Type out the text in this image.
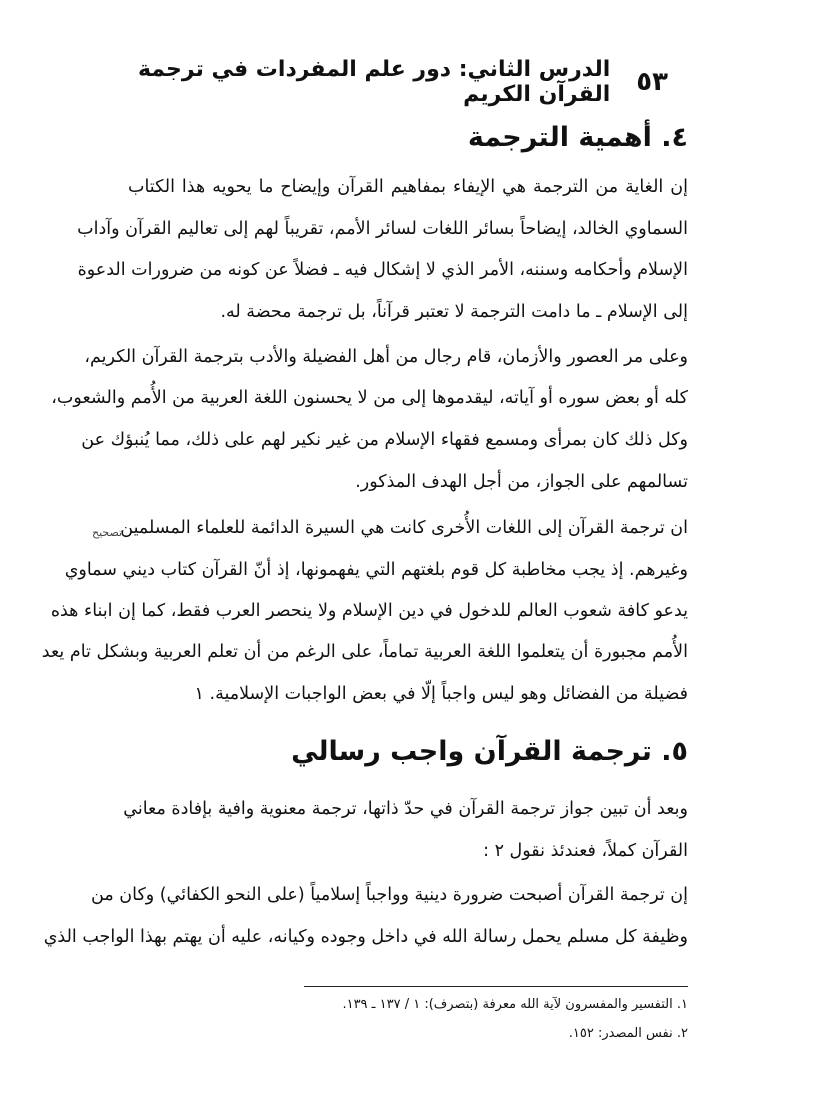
٥٣
الدرس الثاني: دور علم المفردات في ترجمة القرآن الكريم
٤. أهمية الترجمة
إن الغاية من الترجمة هي الإيفاء بمفاهيم القرآن وإيضاح ما يحويه هذا الكتاب
السماوي الخالد، إيضاحاً بسائر اللغات لسائر الأمم، تقريباً لهم إلى تعاليم القرآن وآداب
الإسلام وأحكامه وسننه، الأمر الذي لا إشكال فيه ـ فضلاً عن كونه من ضرورات الدعوة
إلى الإسلام ـ ما دامت الترجمة لا تعتبر قرآناً، بل ترجمة محضة له.
وعلى مر العصور والأزمان، قام رجال من أهل الفضيلة والأدب بترجمة القرآن الكريم،
كله أو بعض سوره أو آياته، ليقدموها إلى من لا يحسنون اللغة العربية من الأُمم والشعوب،
وكل ذلك كان بمرأى ومسمع فقهاء الإسلام من غير نكير لهم على ذلك، مما يُنبؤك عن
تسالمهم على الجواز، من أجل الهدف المذكور.
تصحيح
ان ترجمة القرآن إلى اللغات الأُخرى كانت هي السيرة الدائمة للعلماء المسلمين
وغيرهم. إذ يجب مخاطبة كل قوم بلغتهم التي يفهمونها، إذ أنّ القرآن كتاب ديني سماوي
يدعو كافة شعوب العالم للدخول في دين الإسلام ولا ينحصر العرب فقط، كما إن ابناء هذه
الأُمم مجبورة أن يتعلموا اللغة العربية تماماً، على الرغم من أن تعلم العربية وبشكل تام يعد
فضيلة من الفضائل وهو ليس واجباً إلّا في بعض الواجبات الإسلامية. ١
٥. ترجمة القرآن واجب رسالي
وبعد أن تبين جواز ترجمة القرآن في حدّ ذاتها، ترجمة معنوية وافية بإفادة معاني
القرآن كملاً، فعندئذ نقول ٢ :
إن ترجمة القرآن أصبحت ضرورة دينية وواجباً إسلامياً (على النحو الكفائي) وكان من
وظيفة كل مسلم يحمل رسالة الله في داخل وجوده وكيانه، عليه أن يهتم بهذا الواجب الذي
١. التفسير والمفسرون لآية الله معرفة (بتصرف): ١ / ١٣٧ ـ ١٣٩.
٢. نفس المصدر: ١٥٢.
